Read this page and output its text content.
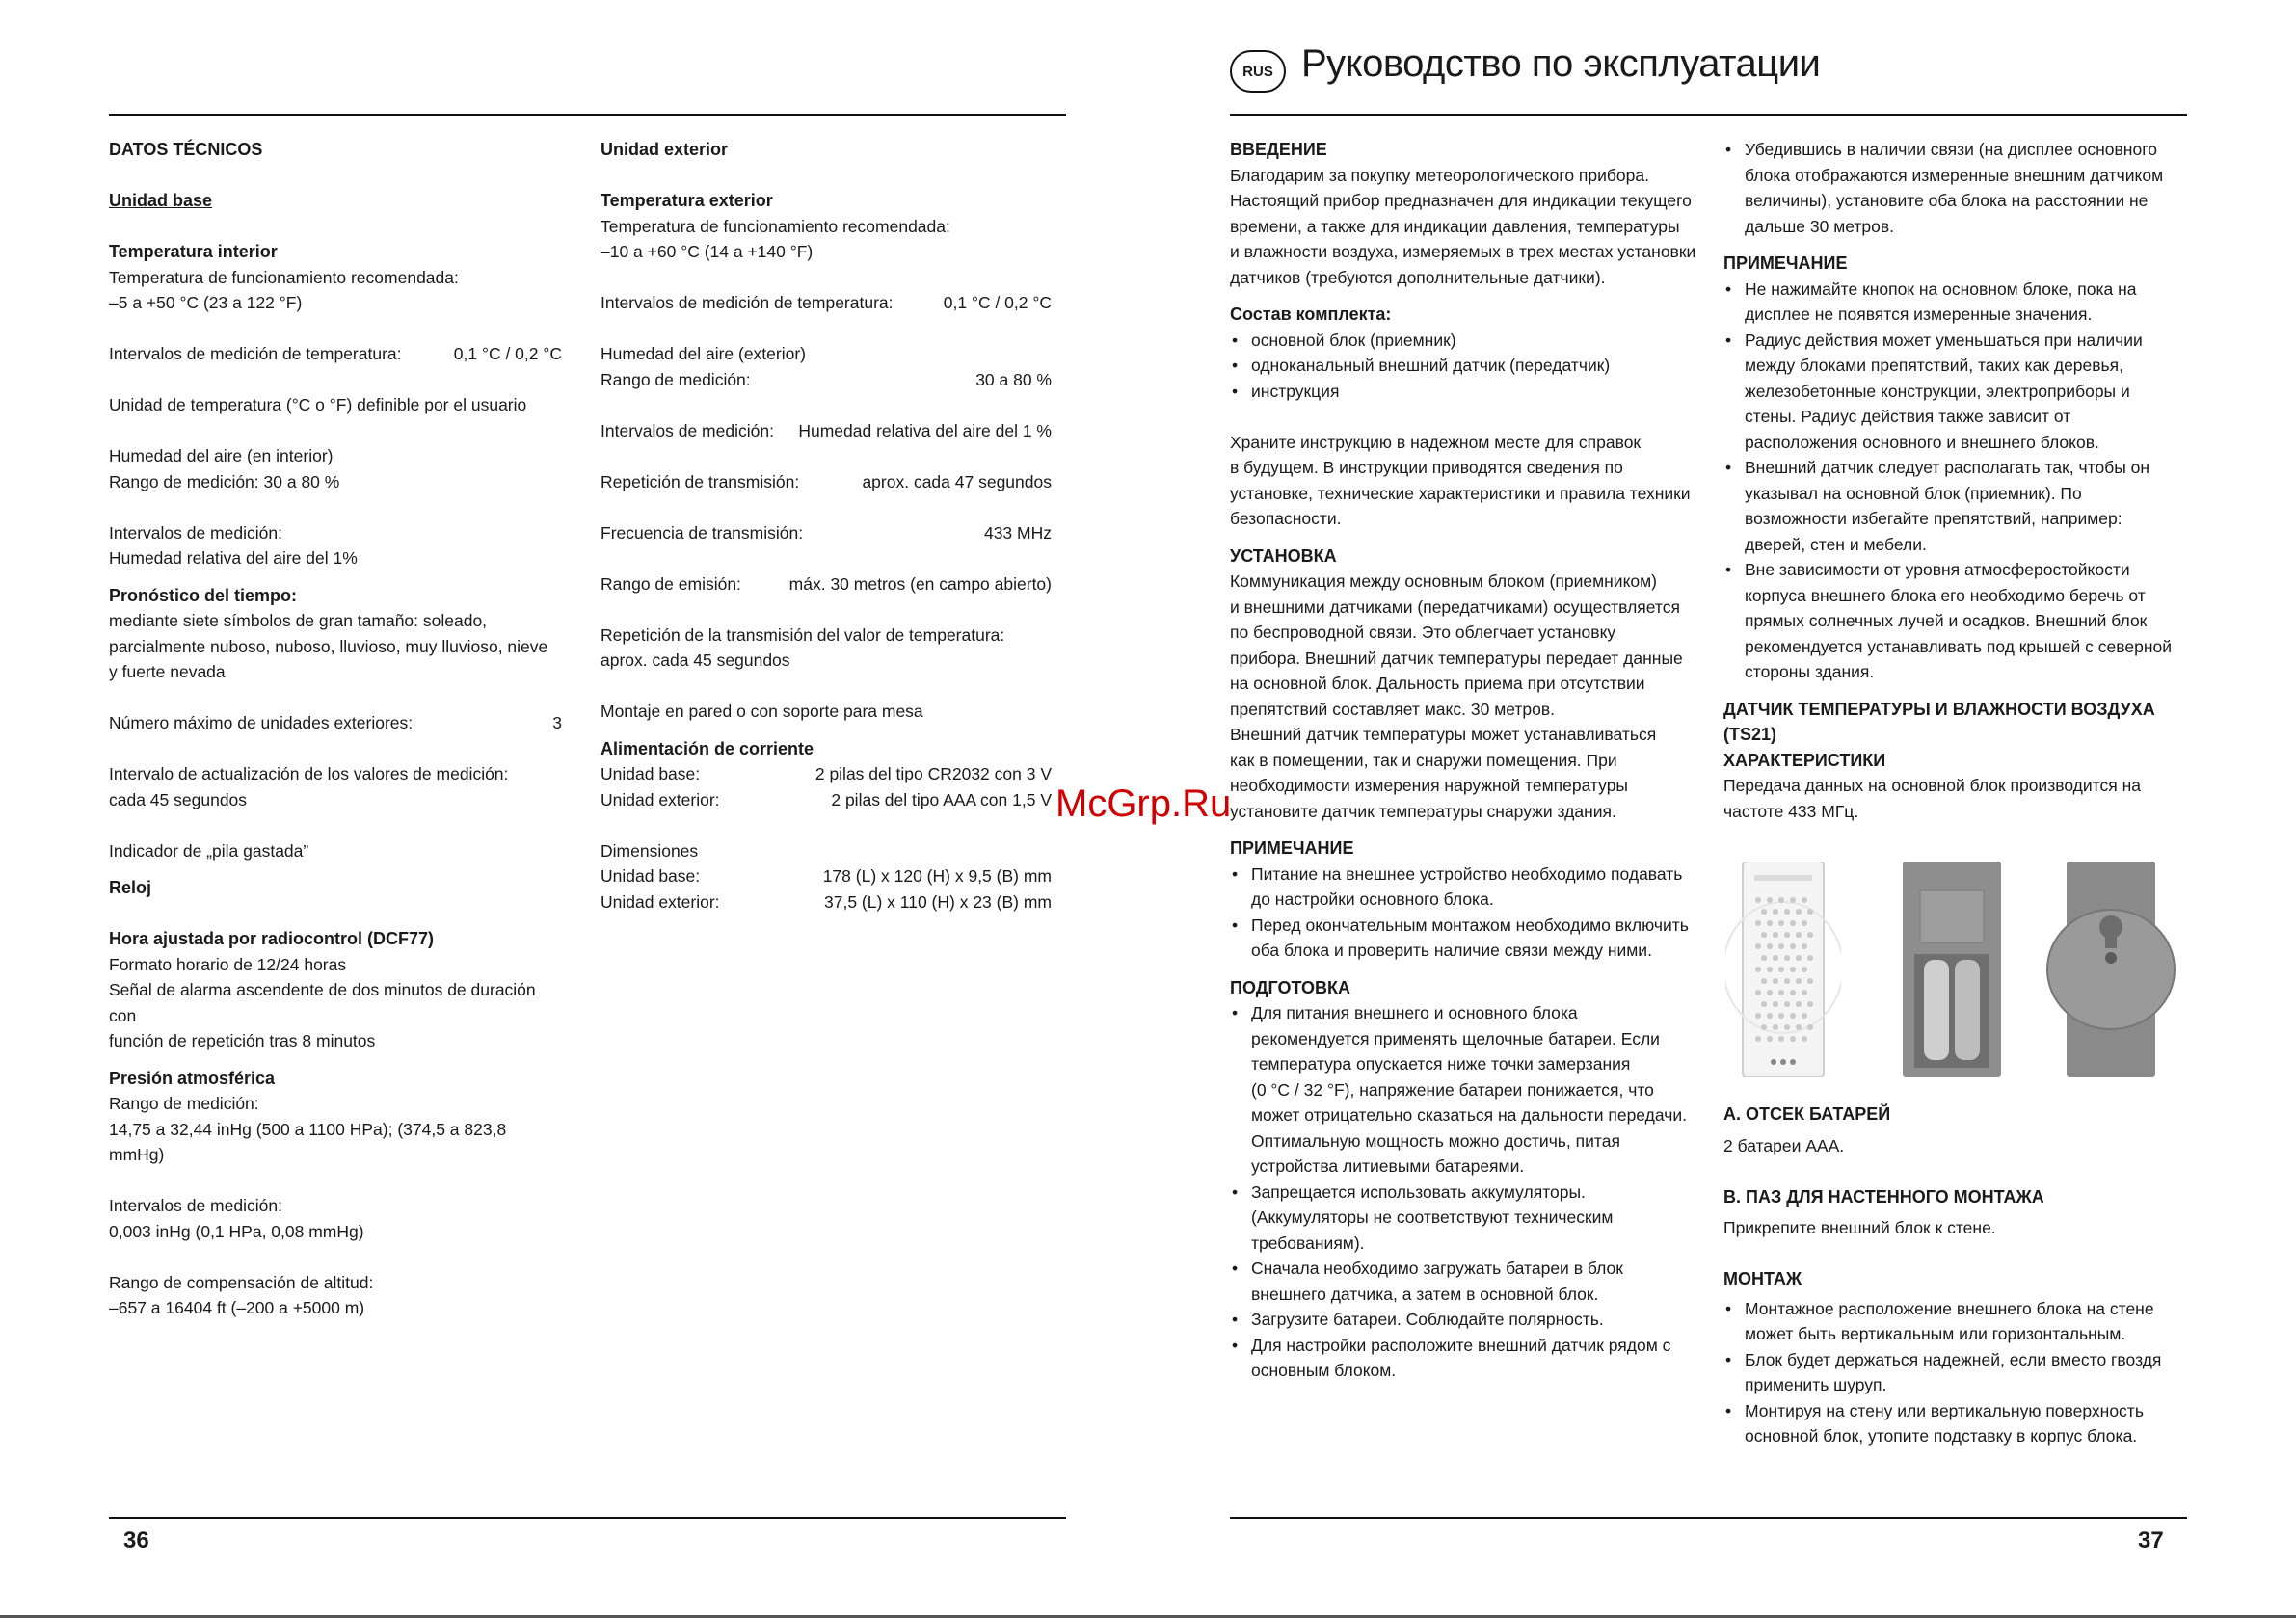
RUS Руководство по эксплуатации
36	37
DATOS TÉCNICOS
Unidad base
Temperatura interior
Temperatura de funcionamiento recomendada:
–5 a +50 °C (23 a 122 °F)
Intervalos de medición de temperatura:	0,1 °C / 0,2 °C
Unidad de temperatura (°C o °F) definible por el usuario
Humedad del aire (en interior)
Rango de medición: 30 a 80 %
Intervalos de medición:
Humedad relativa del aire del 1%
Pronóstico del tiempo:
mediante siete símbolos de gran tamaño: soleado,
parcialmente nuboso, nuboso, lluvioso, muy lluvioso, nieve
y fuerte nevada
Número máximo de unidades exteriores:	3
Intervalo de actualización de los valores de medición:
cada 45 segundos
Indicador de „pila gastada”
Reloj
Hora ajustada por radiocontrol (DCF77)
Formato horario de 12/24 horas
Señal de alarma ascendente de dos minutos de duración con
función de repetición tras 8 minutos
Presión atmosférica
Rango de medición:
14,75 a 32,44 inHg (500 a 1100 HPa); (374,5 a 823,8 mmHg)
Intervalos de medición:
0,003 inHg (0,1 HPa, 0,08 mmHg)
Rango de compensación de altitud:
–657 a 16404 ft (–200 a +5000 m)
Unidad exterior
Temperatura exterior
Temperatura de funcionamiento recomendada:
–10 a +60 °C (14 a +140 °F)
Intervalos de medición de temperatura:	0,1 °C / 0,2 °C
Humedad del aire (exterior)
Rango de medición:	30 a 80 %
Intervalos de medición: Humedad relativa del aire del 1 %
Repetición de transmisión:	aprox. cada 47 segundos
Frecuencia de transmisión:	433 MHz
Rango de emisión:	máx. 30 metros (en campo abierto)
Repetición de la transmisión del valor de temperatura:
aprox. cada 45 segundos
Montaje en pared o con soporte para mesa
Alimentación de corriente
Unidad base:	2 pilas del tipo CR2032 con 3 V
Unidad exterior:	2 pilas del tipo AAA con 1,5 V
Dimensiones
Unidad base:	178 (L) x 120 (H) x 9,5 (B) mm
Unidad exterior:	37,5 (L) x 110 (H) x 23 (B) mm
ВВЕДЕНИЕ
Благодарим за покупку метеорологического прибора.
Настоящий прибор предназначен для индикации текущего
времени, а также для индикации давления, температуры
и влажности воздуха, измеряемых в трех местах установки
датчиков (требуются дополнительные датчики).
Состав комплекта:
• основной блок (приемник)
• одноканальный внешний датчик (передатчик)
• инструкция
Храните инструкцию в надежном месте для справок
в будущем. В инструкции приводятся сведения по
установке, технические характеристики и правила техники
безопасности.
УСТАНОВКА
Коммуникация между основным блоком (приемником)
и внешними датчиками (передатчиками) осуществляется
по беспроводной связи. Это облегчает установку
прибора. Внешний датчик температуры передает данные
на основной блок. Дальность приема при отсутствии
препятствий составляет макс. 30 метров.
Внешний датчик температуры может устанавливаться
как в помещении, так и снаружи помещения. При
необходимости измерения наружной температуры
установите датчик температуры снаружи здания.
ПРИМЕЧАНИЕ
• Питание на внешнее устройство необходимо подавать
до настройки основного блока.
• Перед окончательным монтажом необходимо включить
оба блока и проверить наличие связи между ними.
ПОДГОТОВКА
• Для питания внешнего и основного блока
рекомендуется применять щелочные батареи. Если
температура опускается ниже точки замерзания
(0 °C / 32 °F), напряжение батареи понижается, что
может отрицательно сказаться на дальности передачи.
Оптимальную мощность можно достичь, питая
устройства литиевыми батареями.
• Запрещается использовать аккумуляторы.
(Аккумуляторы не соответствуют техническим
требованиям).
• Сначала необходимо загружать батареи в блок
внешнего датчика, а затем в основной блок.
• Загрузите батареи. Соблюдайте полярность.
• Для настройки расположите внешний датчик рядом с
основным блоком.
• Убедившись в наличии связи (на дисплее основного
блока отображаются измеренные внешним датчиком
величины), установите оба блока на расстоянии не
дальше 30 метров.
ПРИМЕЧАНИЕ
• Не нажимайте кнопок на основном блоке, пока на
дисплее не появятся измеренные значения.
• Радиус действия может уменьшаться при наличии
между блоками препятствий, таких как деревья,
железобетонные конструкции, электроприборы и
стены. Радиус действия также зависит от
расположения основного и внешнего блоков.
• Внешний датчик следует располагать так, чтобы он
указывал на основной блок (приемник). По
возможности избегайте препятствий, например:
дверей, стен и мебели.
• Вне зависимости от уровня атмосферостойкости
корпуса внешнего блока его необходимо беречь от
прямых солнечных лучей и осадков. Внешний блок
рекомендуется устанавливать под крышей с северной
стороны здания.
ДАТЧИК ТЕМПЕРАТУРЫ И ВЛАЖНОСТИ ВОЗДУХА
(TS21)
ХАРАКТЕРИСТИКИ
Передача данных на основной блок производится на
частоте 433 МГц.
A. ОТСЕК БАТАРЕЙ
2 батареи AAA.
B. ПАЗ ДЛЯ НАСТЕННОГО МОНТАЖА
Прикрепите внешний блок к стене.
МОНТАЖ
• Монтажное расположение внешнего блока на стене
может быть вертикальным или горизонтальным.
• Блок будет держаться надежней, если вместо гвоздя
применить шуруп.
• Монтируя на стену или вертикальную поверхность
основной блок, утопите подставку в корпус блока.
McGrp.Ru
